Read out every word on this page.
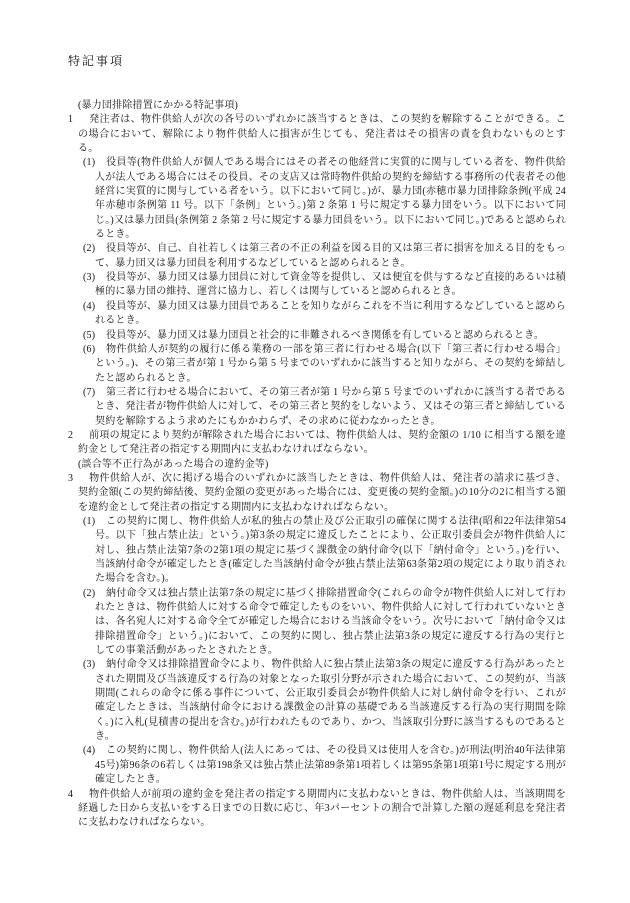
特記事項
(暴力団排除措置にかかる特記事項)
1 発注者は、物件供給人が次の各号のいずれかに該当するときは、この契約を解除することができる。この場合において、解除により物件供給人に損害が生じても、発注者はその損害の責を負わないものとする。
(1) 役員等(物件供給人が個人である場合にはその者その他経営に実質的に関与している者を、物件供給人が法人である場合にはその役員、その支店又は常時物件供給の契約を締結する事務所の代表者その他経営に実質的に関与している者をいう。以下において同じ。)が、暴力団(赤穂市暴力団排除条例(平成 24 年赤穂市条例第 11 号。以下「条例」という。)第 2 条第 1 号に規定する暴力団をいう。以下において同じ。)又は暴力団員(条例第 2 条第 2 号に規定する暴力団員をいう。以下において同じ。)であると認められるとき。
(2) 役員等が、自己、自社若しくは第三者の不正の利益を図る目的又は第三者に損害を加える目的をもって、暴力団又は暴力団員を利用するなどしていると認められるとき。
(3) 役員等が、暴力団又は暴力団員に対して資金等を提供し、又は便宜を供与するなど直接的あるいは積極的に暴力団の維持、運営に協力し、若しくは関与していると認められるとき。
(4) 役員等が、暴力団又は暴力団員であることを知りながらこれを不当に利用するなどしていると認められるとき。
(5) 役員等が、暴力団又は暴力団員と社会的に非難されるべき関係を有していると認められるとき。
(6) 物件供給人が契約の履行に係る業務の一部を第三者に行わせる場合(以下「第三者に行わせる場合」という。)、その第三者が第 1 号から第 5 号までのいずれかに該当すると知りながら、その契約を締結したと認められるとき。
(7) 第三者に行わせる場合において、その第三者が第 1 号から第 5 号までのいずれかに該当する者であるとき、発注者が物件供給人に対して、その第三者と契約をしないよう、又はその第三者と締結している契約を解除するよう求めたにもかかわらず、その求めに従わなかったとき。
2 前項の規定により契約が解除された場合においては、物件供給人は、契約金額の 1/10 に相当する額を違約金として発注者の指定する期間内に支払わなければならない。
(談合等不正行為があった場合の違約金等)
3 物件供給人が、次に掲げる場合のいずれかに該当したときは、物件供給人は、発注者の請求に基づき、契約金額(この契約締結後、契約金額の変更があった場合には、変更後の契約金額。)の10分の2に相当する額を違約金として発注者の指定する期間内に支払わなければならない。
(1) この契約に関し、物件供給人が私的独占の禁止及び公正取引の確保に関する法律(昭和22年法律第54号。以下「独占禁止法」という。)第3条の規定に違反したことにより、公正取引委員会が物件供給人に対し、独占禁止法第7条の2第1項の規定に基づく課徴金の納付命令(以下「納付命令」という。)を行い、当該納付命令が確定したとき(確定した当該納付命令が独占禁止法第63条第2項の規定により取り消された場合を含む。)。
(2) 納付命令又は独占禁止法第7条の規定に基づく排除措置命令(これらの命令が物件供給人に対して行われたときは、物件供給人に対する命令で確定したものをいい、物件供給人に対して行われていないときは、各名宛人に対する命令全てが確定した場合における当該命令をいう。次号において「納付命令又は排除措置命令」という。)において、この契約に関し、独占禁止法第3条の規定に違反する行為の実行としての事業活動があったとされたとき。
(3) 納付命令又は排除措置命令により、物件供給人に独占禁止法第3条の規定に違反する行為があったとされた期間及び当該違反する行為の対象となった取引分野が示された場合において、この契約が、当該期間(これらの命令に係る事件について、公正取引委員会が物件供給人に対し納付命令を行い、これが確定したときは、当該納付命令における課徴金の計算の基礎である当該違反する行為の実行期間を除く。)に入札(見積書の提出を含む。)が行われたものであり、かつ、当該取引分野に該当するものであるとき。
(4) この契約に関し、物件供給人(法人にあっては、その役員又は使用人を含む。)が刑法(明治40年法律第45号)第96条の6若しくは第198条又は独占禁止法第89条第1項若しくは第95条第1項第1号に規定する刑が確定したとき。
4 物件供給人が前項の違約金を発注者の指定する期間内に支払わないときは、物件供給人は、当該期間を経過した日から支払いをする日までの日数に応じ、年3パーセントの割合で計算した額の遅延利息を発注者に支払わなければならない。
